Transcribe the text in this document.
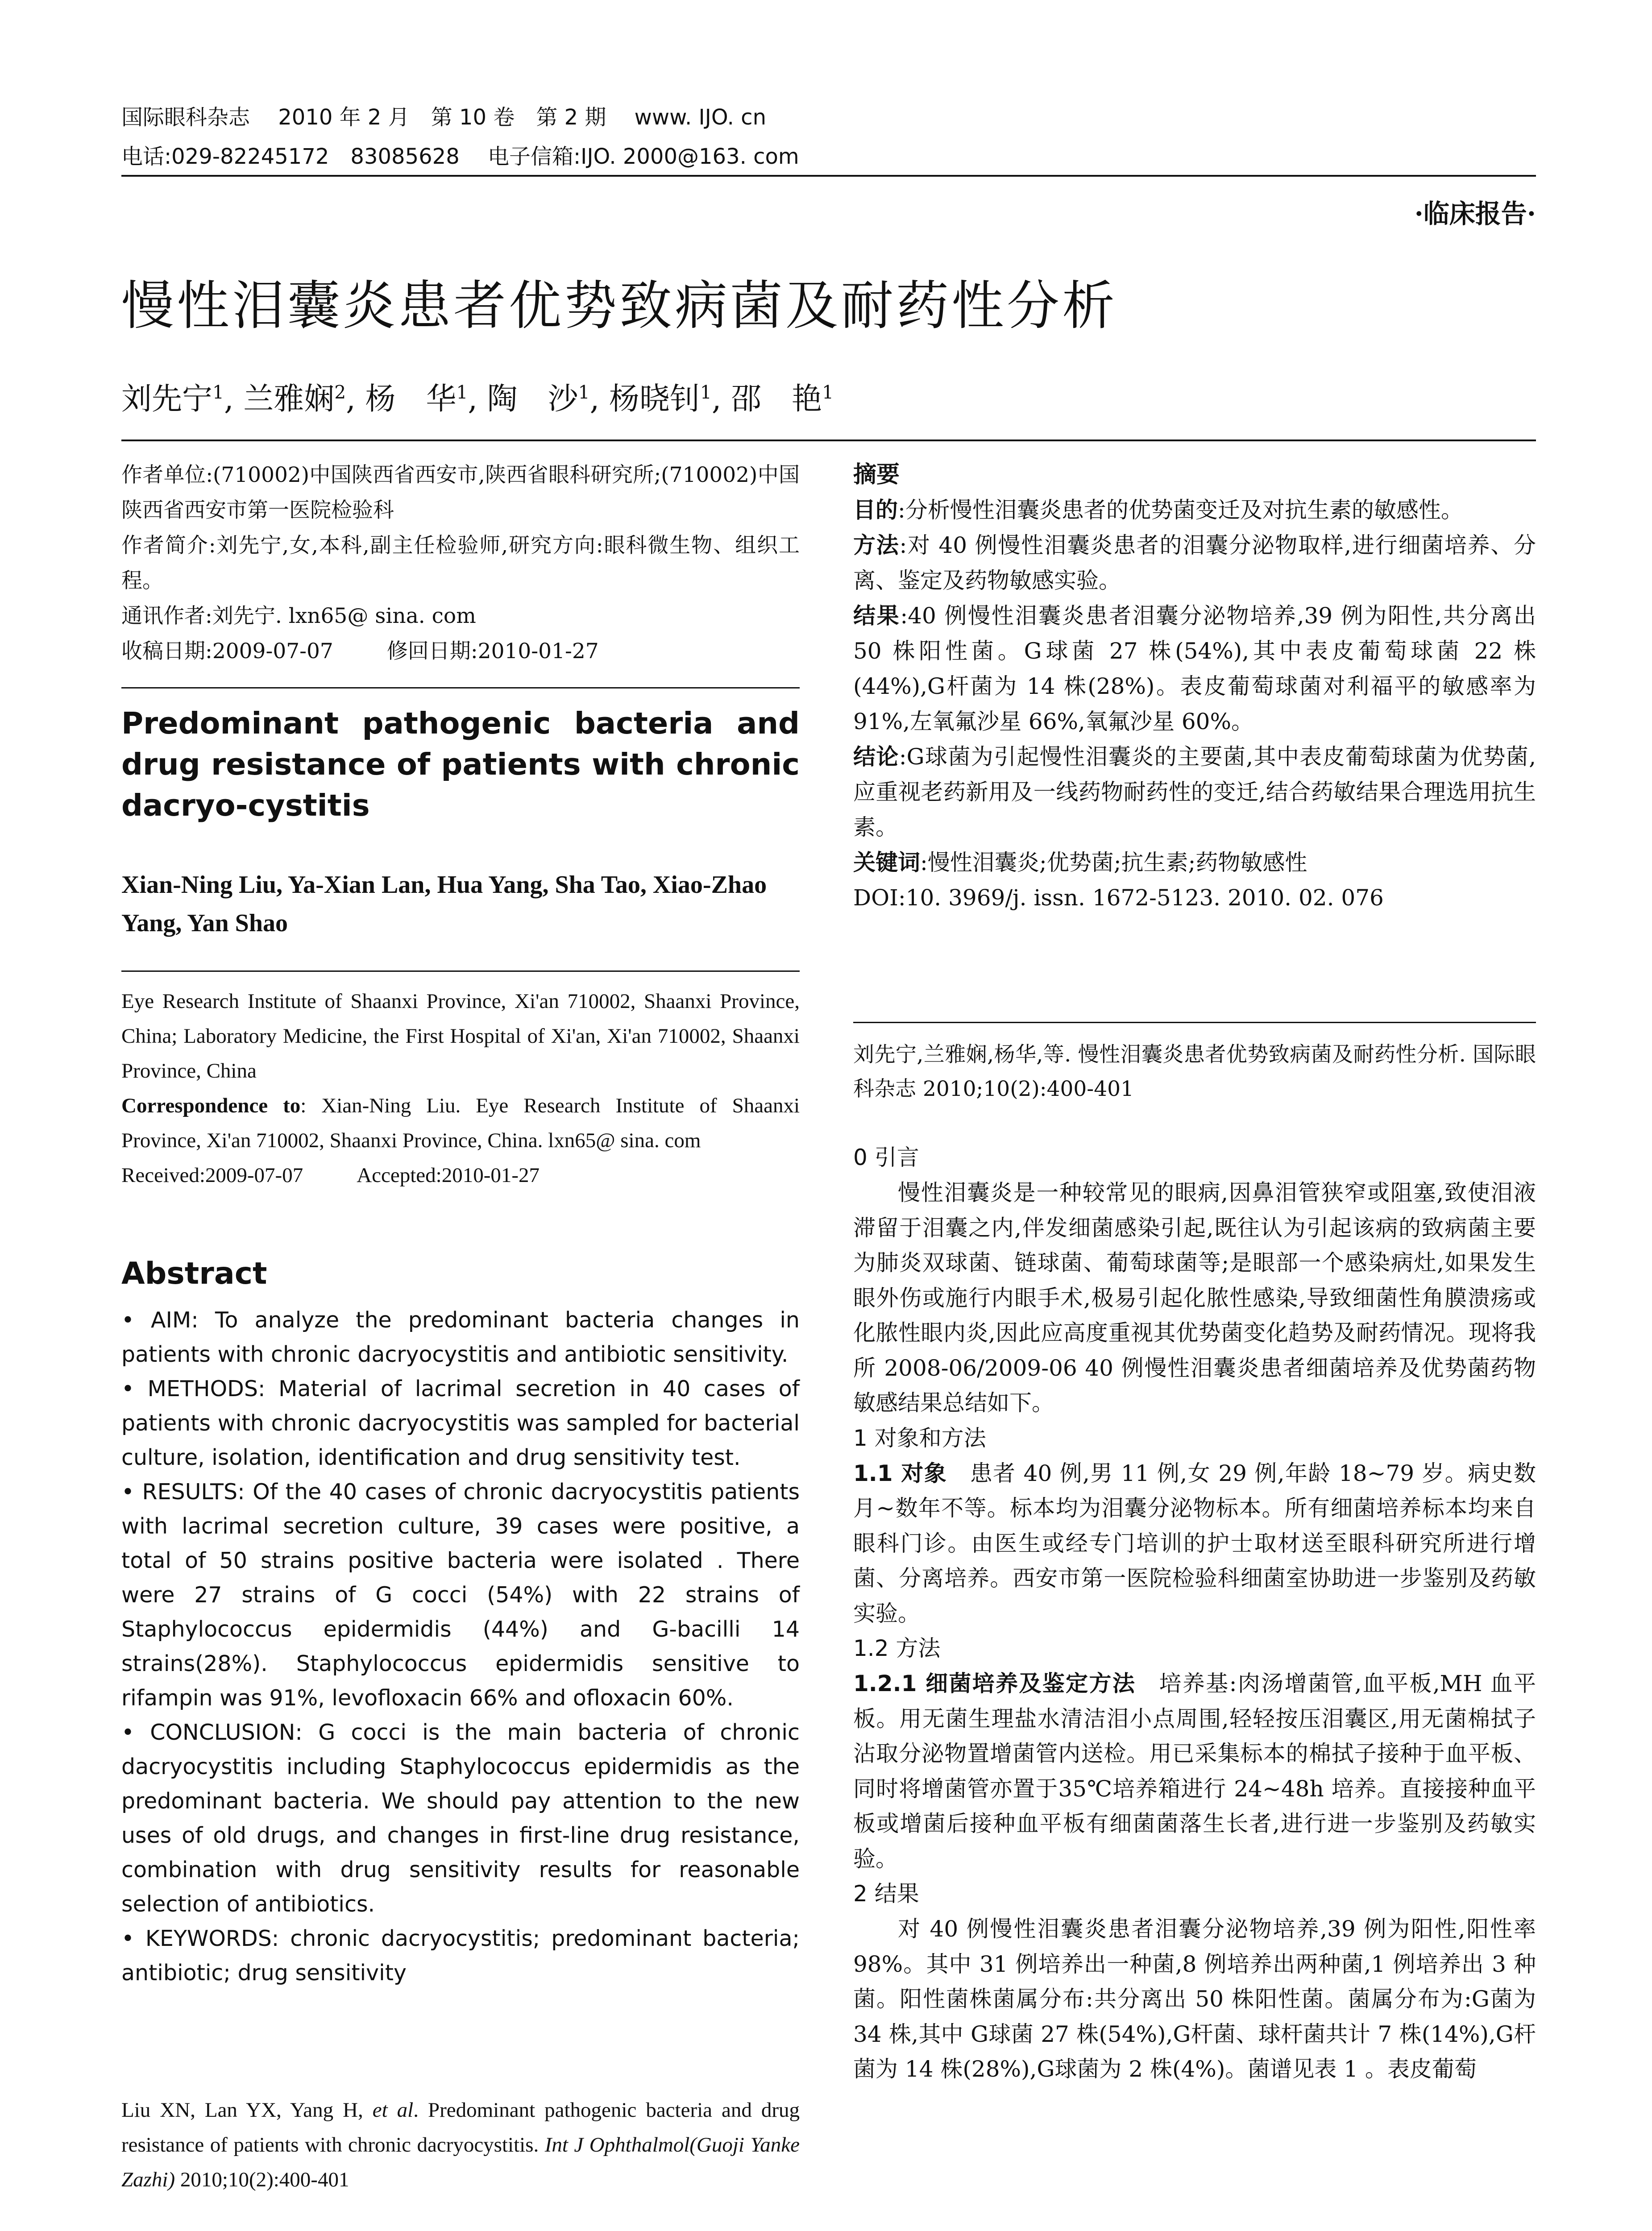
国际眼科杂志　 2010 年 2 月　第 10 卷　第 2 期　 www. IJO. cn
电话:029-82245172　83085628　 电子信箱:IJO. 2000@163. com
·临床报告·
慢性泪囊炎患者优势致病菌及耐药性分析
刘先宁$^1$, 兰雅娴$^2$, 杨　华$^1$, 陶　沙$^1$, 杨晓钊$^1$, 邵　艳$^1$

作者单位:(710002)中国陕西省西安市,陕西省眼科研究所;(710002)中国陕西省西安市第一医院检验科

作者简介:刘先宁,女,本科,副主任检验师,研究方向:眼科微生物、组织工程。

通讯作者:刘先宁. lxn65@ sina. com

收稿日期:2009-07-07	修回日期:2010-01-27

Predominant pathogenic bacteria and drug resistance of patients with chronic dacryo-cystitis
Xian-Ning Liu, Ya-Xian Lan, Hua Yang, Sha Tao, Xiao-Zhao Yang, Yan Shao

Eye Research Institute of Shaanxi Province, Xi'an 710002, Shaanxi Province, China; Laboratory Medicine, the First Hospital of Xi'an, Xi'an 710002, Shaanxi Province, China

Correspondence to: Xian-Ning Liu. Eye Research Institute of Shaanxi Province, Xi'an 710002, Shaanxi Province, China. lxn65@ sina. com

Received:2009-07-07	Accepted:2010-01-27

Abstract

• AIM: To analyze the predominant bacteria changes in patients with chronic dacryocystitis and antibiotic sensitivity.

• METHODS: Material of lacrimal secretion in 40 cases of patients with chronic dacryocystitis was sampled for bacterial culture, isolation, identification and drug sensitivity test.

• RESULTS: Of the 40 cases of chronic dacryocystitis patients with lacrimal secretion culture, 39 cases were positive, a total of 50 strains positive bacteria were isolated . There were 27 strains of G cocci (54%) with 22 strains of Staphylococcus epidermidis (44%) and G-bacilli 14 strains(28%). Staphylococcus epidermidis sensitive to rifampin was 91%, levofloxacin 66% and ofloxacin 60%.

• CONCLUSION: G cocci is the main bacteria of chronic dacryocystitis including Staphylococcus epidermidis as the predominant bacteria. We should pay attention to the new uses of old drugs, and changes in first-line drug resistance, combination with drug sensitivity results for reasonable selection of antibiotics.

• KEYWORDS: chronic dacryocystitis; predominant bacteria; antibiotic; drug sensitivity

Liu XN, Lan YX, Yang H, et al. Predominant pathogenic bacteria and drug resistance of patients with chronic dacryocystitis. Int J Ophthalmol(Guoji Yanke Zazhi) 2010;10(2):400-401
摘要

目的:分析慢性泪囊炎患者的优势菌变迁及对抗生素的敏感性。

方法:对 40 例慢性泪囊炎患者的泪囊分泌物取样,进行细菌培养、分离、鉴定及药物敏感实验。

结果:40 例慢性泪囊炎患者泪囊分泌物培养,39 例为阳性,共分离出 50 株阳性菌。G球菌 27 株(54%),其中表皮葡萄球菌 22 株(44%),G杆菌为 14 株(28%)。表皮葡萄球菌对利福平的敏感率为 91%,左氧氟沙星 66%,氧氟沙星 60%。

结论:G球菌为引起慢性泪囊炎的主要菌,其中表皮葡萄球菌为优势菌,应重视老药新用及一线药物耐药性的变迁,结合药敏结果合理选用抗生素。

关键词:慢性泪囊炎;优势菌;抗生素;药物敏感性

DOI:10. 3969/j. issn. 1672-5123. 2010. 02. 076

刘先宁,兰雅娴,杨华,等. 慢性泪囊炎患者优势致病菌及耐药性分析. 国际眼科杂志 2010;10(2):400-401

0 引言

慢性泪囊炎是一种较常见的眼病,因鼻泪管狭窄或阻塞,致使泪液滞留于泪囊之内,伴发细菌感染引起,既往认为引起该病的致病菌主要为肺炎双球菌、链球菌、葡萄球菌等;是眼部一个感染病灶,如果发生眼外伤或施行内眼手术,极易引起化脓性感染,导致细菌性角膜溃疡或化脓性眼内炎,因此应高度重视其优势菌变化趋势及耐药情况。现将我所 2008-06/2009-06 40 例慢性泪囊炎患者细菌培养及优势菌药物敏感结果总结如下。

1 对象和方法

1.1 对象　患者 40 例,男 11 例,女 29 例,年龄 18~79 岁。病史数月~数年不等。标本均为泪囊分泌物标本。所有细菌培养标本均来自眼科门诊。由医生或经专门培训的护士取材送至眼科研究所进行增菌、分离培养。西安市第一医院检验科细菌室协助进一步鉴别及药敏实验。

1.2 方法

1.2.1 细菌培养及鉴定方法　培养基:肉汤增菌管,血平板,MH 血平板。用无菌生理盐水清洁泪小点周围,轻轻按压泪囊区,用无菌棉拭子沾取分泌物置增菌管内送检。用已采集标本的棉拭子接种于血平板、同时将增菌管亦置于35℃培养箱进行 24~48h 培养。直接接种血平板或增菌后接种血平板有细菌菌落生长者,进行进一步鉴别及药敏实验。

2 结果

对 40 例慢性泪囊炎患者泪囊分泌物培养,39 例为阳性,阳性率 98%。其中 31 例培养出一种菌,8 例培养出两种菌,1 例培养出 3 种菌。阳性菌株菌属分布:共分离出 50 株阳性菌。菌属分布为:G菌为 34 株,其中 G球菌 27 株(54%),G杆菌、球杆菌共计 7 株(14%),G杆菌为 14 株(28%),G球菌为 2 株(4%)。菌谱见表 1 。表皮葡萄
